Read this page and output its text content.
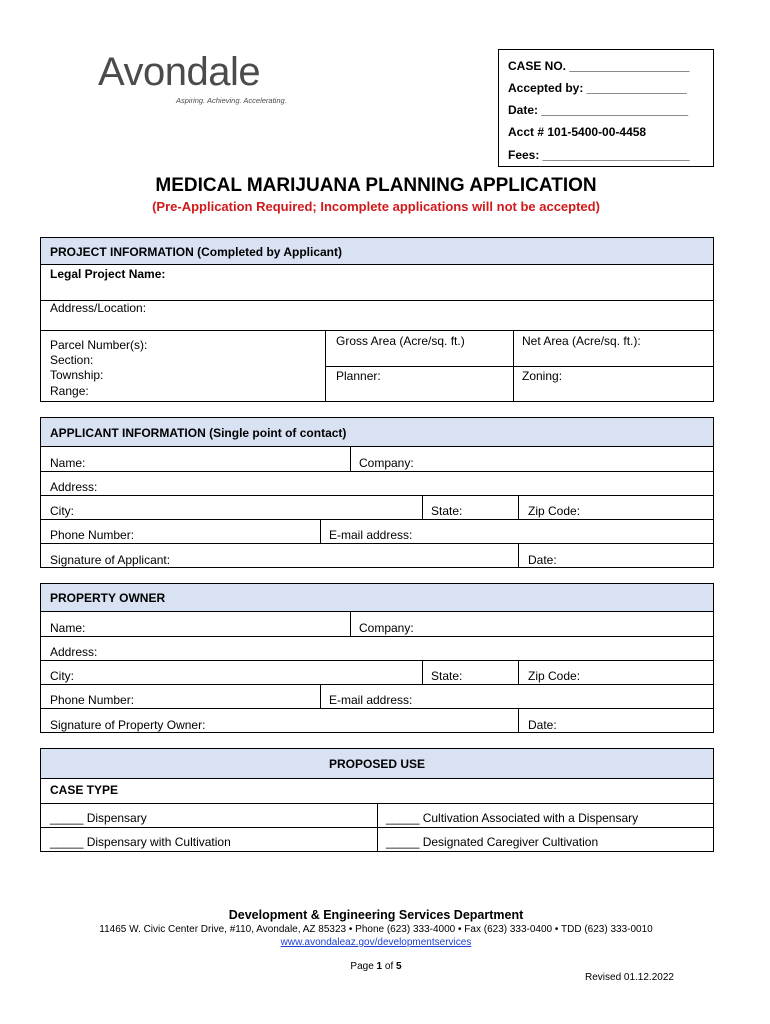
Avondale
Aspiring. Achieving. Accelerating.
CASE NO. __________________
Accepted by: _______________
Date: ______________________
Acct # 101-5400-00-4458
Fees: ______________________
MEDICAL MARIJUANA PLANNING APPLICATION
(Pre-Application Required; Incomplete applications will not be accepted)
PROJECT INFORMATION (Completed by Applicant)
Legal Project Name:
Address/Location:
Parcel Number(s):
Section:
Township:
Range:
Gross Area (Acre/sq. ft.)	Net Area (Acre/sq. ft.):
Planner:	Zoning:
APPLICANT INFORMATION (Single point of contact)
Name:	Company:
Address:
City:	State:	Zip Code:
Phone Number:	E-mail address:
Signature of Applicant:	Date:
PROPERTY OWNER
Name:	Company:
Address:
City:	State:	Zip Code:
Phone Number:	E-mail address:
Signature of Property Owner:	Date:
PROPOSED USE
CASE TYPE
_____ Dispensary	_____ Cultivation Associated with a Dispensary
_____ Dispensary with Cultivation	_____ Designated Caregiver Cultivation
Development & Engineering Services Department
11465 W. Civic Center Drive, #110, Avondale, AZ 85323 • Phone (623) 333-4000 • Fax (623) 333-0400 • TDD (623) 333-0010
www.avondaleaz.gov/developmentservices
Page 1 of 5
Revised 01.12.2022
